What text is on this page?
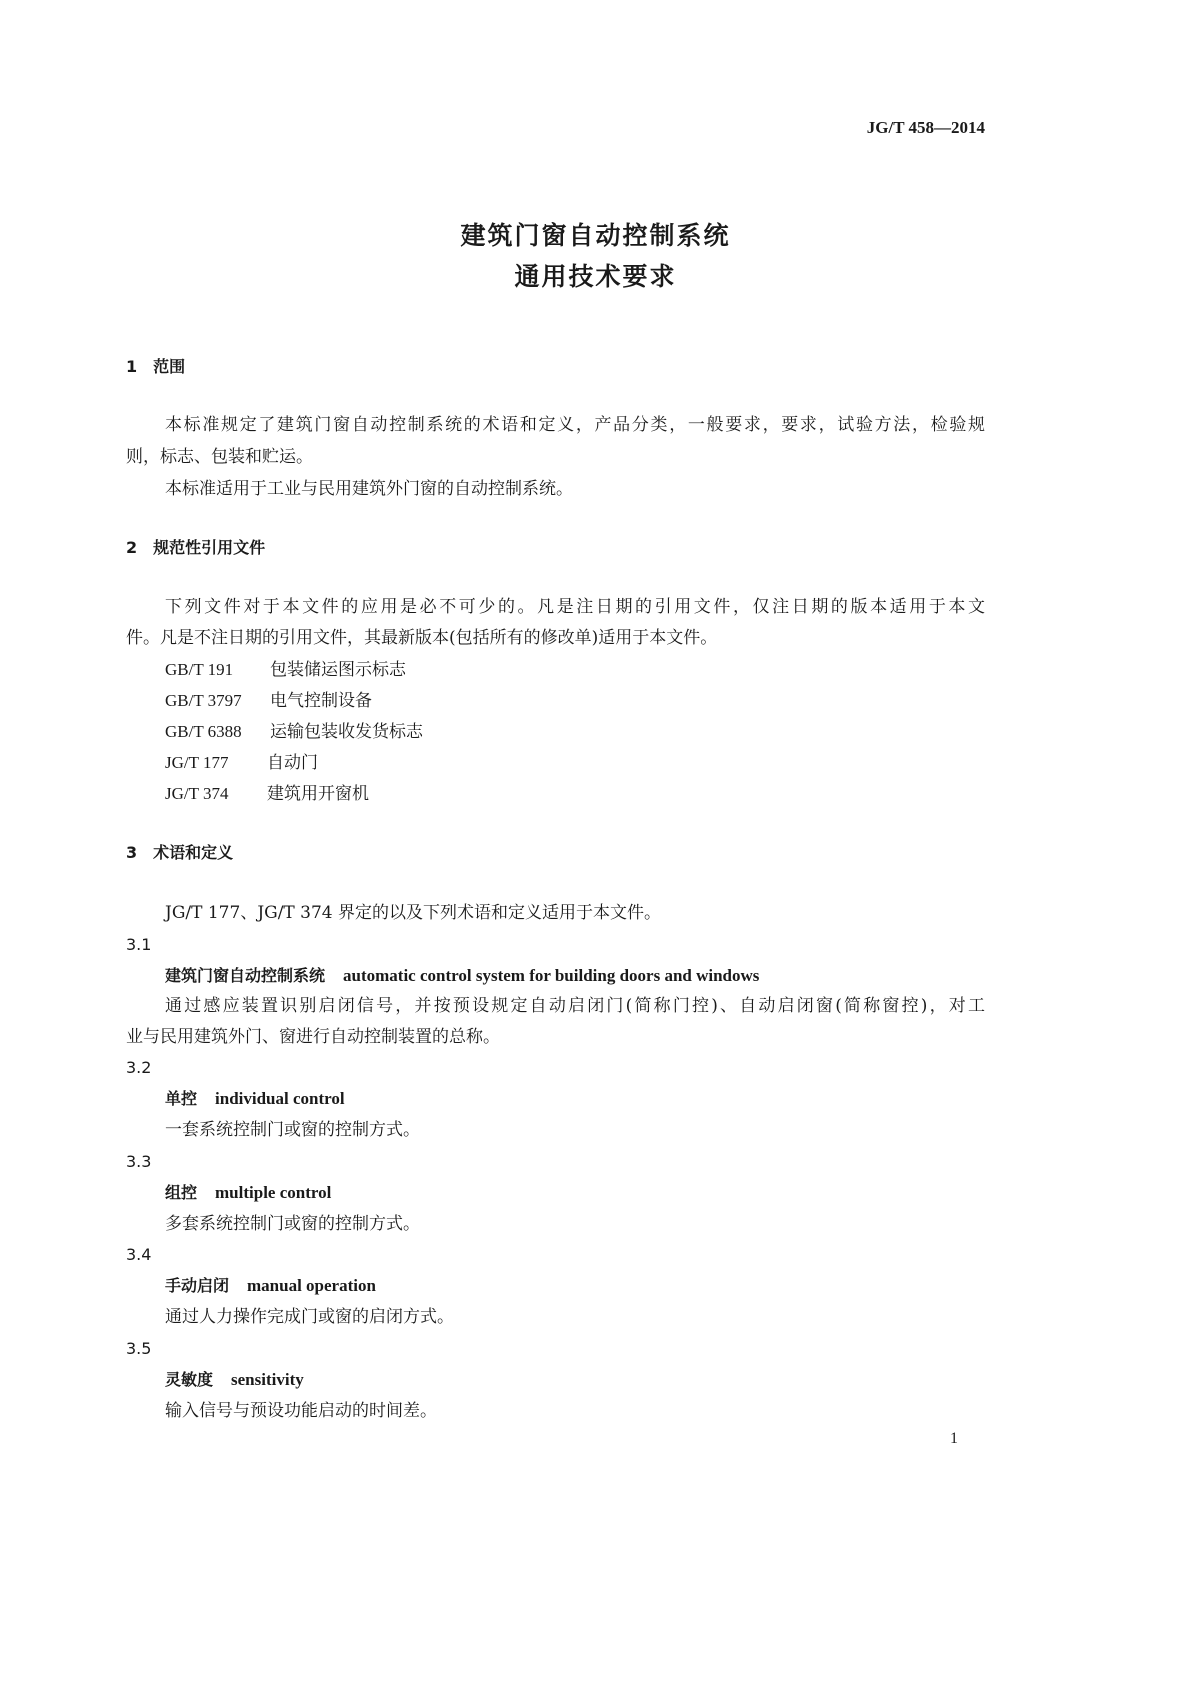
JG/T 458—2014
建筑门窗自动控制系统
通用技术要求
1 范围
本标准规定了建筑门窗自动控制系统的术语和定义，产品分类，一般要求，要求，试验方法，检验规
则，标志、包装和贮运。
本标准适用于工业与民用建筑外门窗的自动控制系统。
2 规范性引用文件
下列文件对于本文件的应用是必不可少的。凡是注日期的引用文件，仅注日期的版本适用于本文
件。凡是不注日期的引用文件，其最新版本(包括所有的修改单)适用于本文件。
GB/T 191 包装储运图示标志
GB/T 3797 电气控制设备
GB/T 6388 运输包装收发货标志
JG/T 177 自动门
JG/T 374 建筑用开窗机
3 术语和定义
JG/T 177、JG/T 374 界定的以及下列术语和定义适用于本文件。
3.1
建筑门窗自动控制系统 automatic control system for building doors and windows
通过感应装置识别启闭信号，并按预设规定自动启闭门(简称门控)、自动启闭窗(简称窗控)，对工
业与民用建筑外门、窗进行自动控制装置的总称。
3.2
单控 individual control
一套系统控制门或窗的控制方式。
3.3
组控 multiple control
多套系统控制门或窗的控制方式。
3.4
手动启闭 manual operation
通过人力操作完成门或窗的启闭方式。
3.5
灵敏度 sensitivity
输入信号与预设功能启动的时间差。
1
